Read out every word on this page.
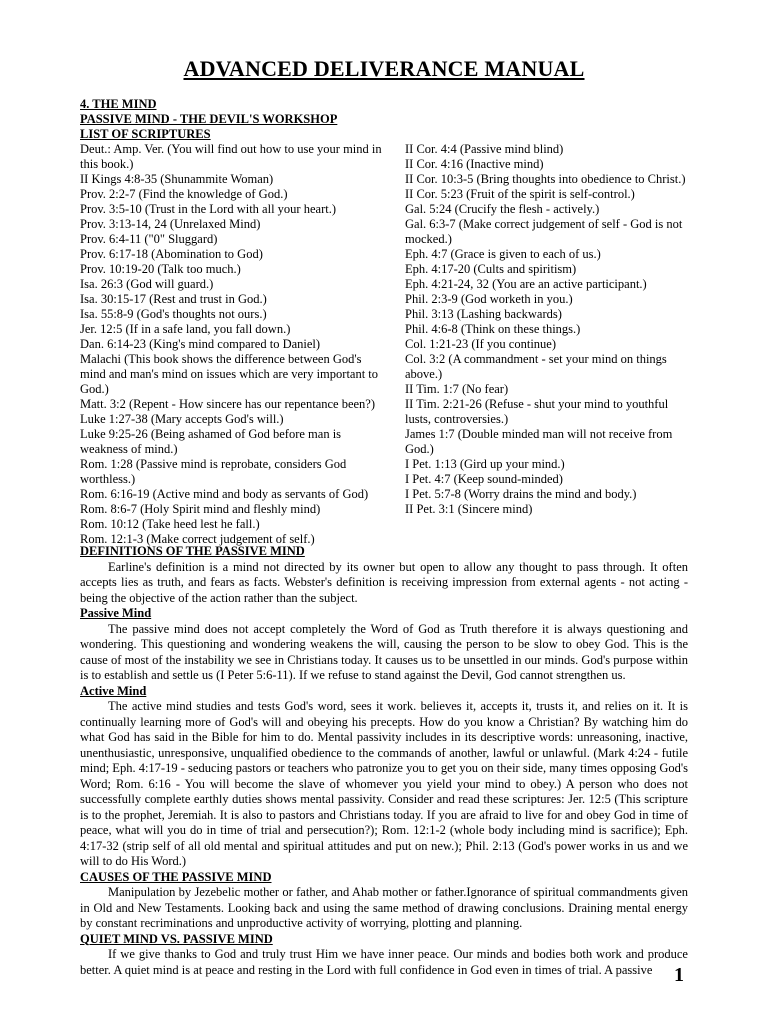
ADVANCED DELIVERANCE MANUAL
4. THE MIND
PASSIVE MIND - THE DEVIL'S WORKSHOP
LIST OF SCRIPTURES
Deut.: Amp. Ver. (You will find out how to use your mind in this book.)
II Kings 4:8-35 (Shunammite Woman)
Prov. 2:2-7 (Find the knowledge of God.)
Prov. 3:5-10 (Trust in the Lord with all your heart.)
Prov. 3:13-14, 24 (Unrelaxed Mind)
Prov. 6:4-11 ("0" Sluggard)
Prov. 6:17-18 (Abomination to God)
Prov. 10:19-20 (Talk too much.)
Isa. 26:3 (God will guard.)
Isa. 30:15-17 (Rest and trust in God.)
Isa. 55:8-9 (God's thoughts not ours.)
Jer. 12:5 (If in a safe land, you fall down.)
Dan. 6:14-23 (King's mind compared to Daniel)
Malachi (This book shows the difference between God's mind and man's mind on issues which are very important to God.)
Matt. 3:2 (Repent - How sincere has our repentance been?)
Luke 1:27-38 (Mary accepts God's will.)
Luke 9:25-26 (Being ashamed of God before man is weakness of mind.)
Rom. 1:28 (Passive mind is reprobate, considers God worthless.)
Rom. 6:16-19 (Active mind and body as servants of God)
Rom. 8:6-7 (Holy Spirit mind and fleshly mind)
Rom. 10:12 (Take heed lest he fall.)
Rom. 12:1-3 (Make correct judgement of self.)
II Cor. 4:4 (Passive mind blind)
II Cor. 4:16 (Inactive mind)
II Cor. 10:3-5 (Bring thoughts into obedience to Christ.)
II Cor. 5:23 (Fruit of the spirit is self-control.)
Gal. 5:24 (Crucify the flesh - actively.)
Gal. 6:3-7 (Make correct judgement of self - God is not mocked.)
Eph. 4:7 (Grace is given to each of us.)
Eph. 4:17-20 (Cults and spiritism)
Eph. 4:21-24, 32 (You are an active participant.)
Phil. 2:3-9 (God worketh in you.)
Phil. 3:13 (Lashing backwards)
Phil. 4:6-8 (Think on these things.)
Col. 1:21-23 (If you continue)
Col. 3:2 (A commandment - set your mind on things above.)
II Tim. 1:7 (No fear)
II Tim. 2:21-26 (Refuse - shut your mind to youthful lusts, controversies.)
James 1:7 (Double minded man will not receive from God.)
I Pet. 1:13 (Gird up your mind.)
I Pet. 4:7 (Keep sound-minded)
I Pet. 5:7-8 (Worry drains the mind and body.)
II Pet. 3:1 (Sincere mind)
DEFINITIONS OF THE PASSIVE MIND

Earline's definition is a mind not directed by its owner but open to allow any thought to pass through. It often accepts lies as truth, and fears as facts. Webster's definition is receiving impression from external agents - not acting - being the objective of the action rather than the subject.

Passive Mind

The passive mind does not accept completely the Word of God as Truth therefore it is always questioning and wondering. This questioning and wondering weakens the will, causing the person to be slow to obey God. This is the cause of most of the instability we see in Christians today. It causes us to be unsettled in our minds. God's purpose within is to establish and settle us (I Peter 5:6-11). If we refuse to stand against the Devil, God cannot strengthen us.

Active Mind

The active mind studies and tests God's word, sees it work. believes it, accepts it, trusts it, and relies on it. It is continually learning more of God's will and obeying his precepts. How do you know a Christian? By watching him do what God has said in the Bible for him to do. Mental passivity includes in its descriptive words: unreasoning, inactive, unenthusiastic, unresponsive, unqualified obedience to the commands of another, lawful or unlawful. (Mark 4:24 - futile mind; Eph. 4:17-19 - seducing pastors or teachers who patronize you to get you on their side, many times opposing God's Word; Rom. 6:16 - You will become the slave of whomever you yield your mind to obey.) A person who does not successfully complete earthly duties shows mental passivity. Consider and read these scriptures: Jer. 12:5 (This scripture is to the prophet, Jeremiah. It is also to pastors and Christians today. If you are afraid to live for and obey God in time of peace, what will you do in time of trial and persecution?); Rom. 12:1-2 (whole body including mind is sacrifice); Eph. 4:17-32 (strip self of all old mental and spiritual attitudes and put on new.); Phil. 2:13 (God's power works in us and we will to do His Word.)

CAUSES OF THE PASSIVE MIND

Manipulation by Jezebelic mother or father, and Ahab mother or father.Ignorance of spiritual commandments given in Old and New Testaments. Looking back and using the same method of drawing conclusions. Draining mental energy by constant recriminations and unproductive activity of worrying, plotting and planning.

QUIET MIND VS. PASSIVE MIND

If we give thanks to God and truly trust Him we have inner peace. Our minds and bodies both work and produce better. A quiet mind is at peace and resting in the Lord with full confidence in God even in times of trial. A passive	1
